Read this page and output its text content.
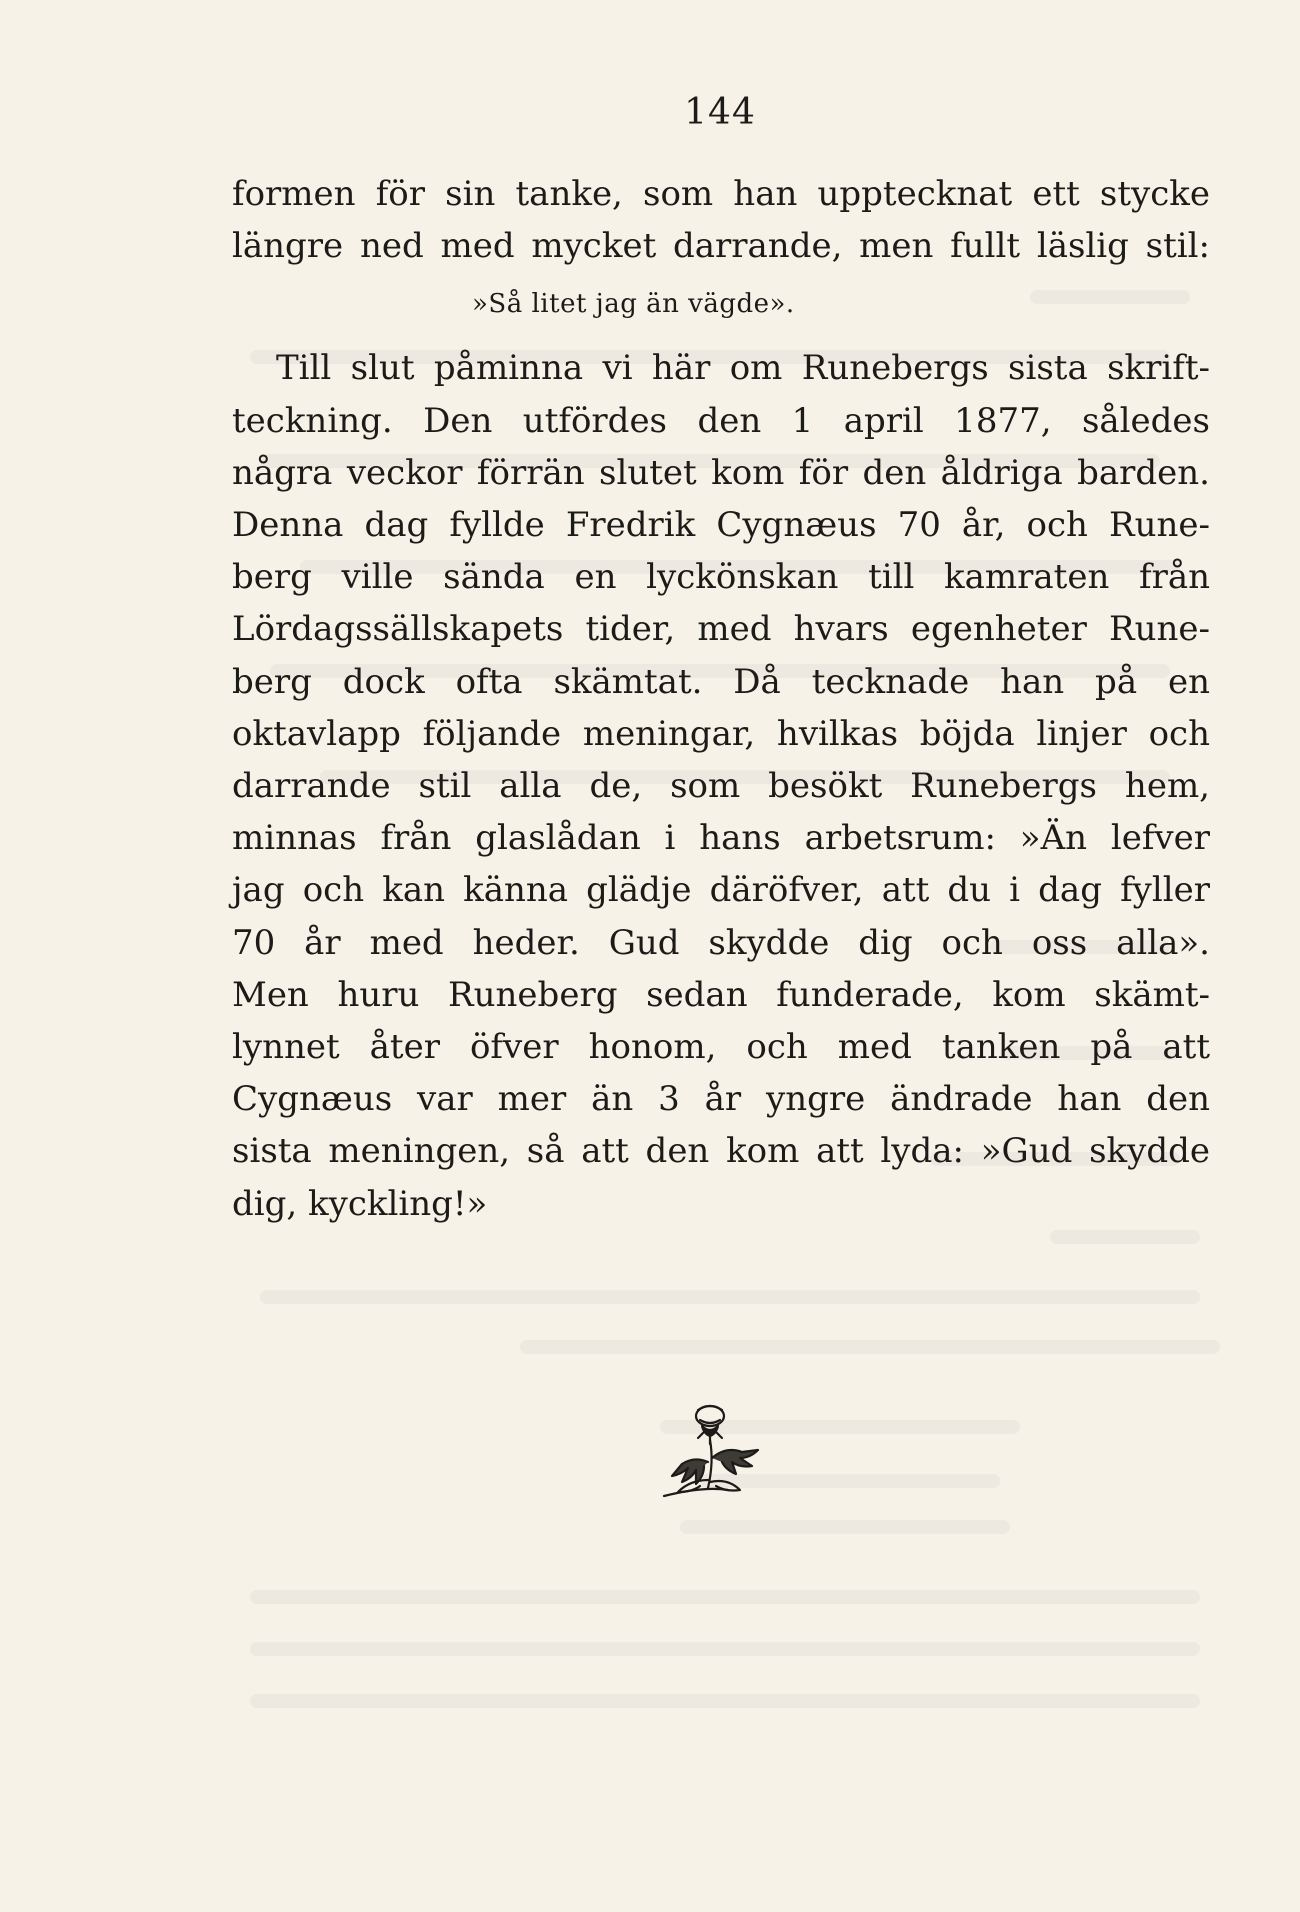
144

formen för sin tanke, som han upptecknat ett stycke
längre ned med mycket darrande, men fullt läslig stil:
»Så litet jag än vägde».
Till slut påminna vi här om Runebergs sista skrift-
teckning. Den utfördes den 1 april 1877, således
några veckor förrän slutet kom för den åldriga barden.
Denna dag fyllde Fredrik Cygnæus 70 år, och Rune-
berg ville sända en lyckönskan till kamraten från
Lördagssällskapets tider, med hvars egenheter Rune-
berg dock ofta skämtat. Då tecknade han på en
oktavlapp följande meningar, hvilkas böjda linjer och
darrande stil alla de, som besökt Runebergs hem,
minnas från glaslådan i hans arbetsrum: »Än lefver
jag och kan känna glädje däröfver, att du i dag fyller
70 år med heder. Gud skydde dig och oss alla».
Men huru Runeberg sedan funderade, kom skämt-
lynnet åter öfver honom, och med tanken på att
Cygnæus var mer än 3 år yngre ändrade han den
sista meningen, så att den kom att lyda: »Gud skydde
dig, kyckling!»
